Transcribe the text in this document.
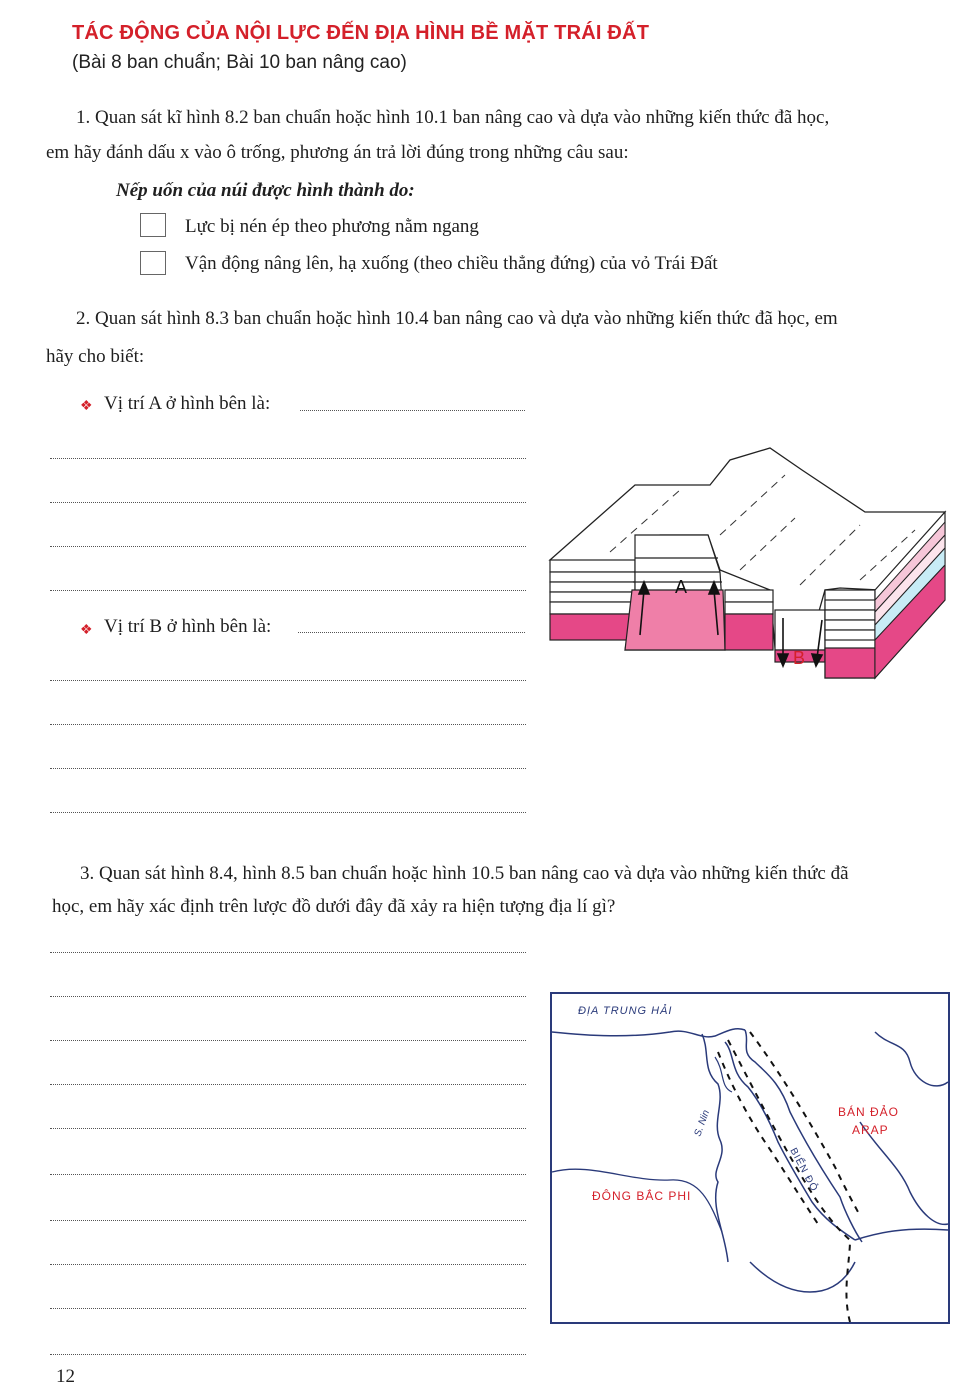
TÁC ĐỘNG CỦA NỘI LỰC ĐẾN ĐỊA HÌNH BỀ MẶT TRÁI ĐẤT
(Bài 8 ban chuẩn; Bài 10 ban nâng cao)
1. Quan sát kĩ hình 8.2 ban chuẩn hoặc hình 10.1 ban nâng cao và dựa vào những kiến thức đã học,
em hãy đánh dấu x vào ô trống, phương án trả lời đúng trong những câu sau:
Nếp uốn của núi được hình thành do:
Lực bị nén ép theo phương nằm ngang
Vận động nâng lên, hạ xuống (theo chiều thẳng đứng) của vỏ Trái Đất
2. Quan sát hình 8.3 ban chuẩn hoặc hình 10.4 ban nâng cao và dựa vào những kiến thức đã học, em
hãy cho biết:
❖ Vị trí A ở hình bên là:
❖ Vị trí B ở hình bên là:
A
B
3. Quan sát hình 8.4, hình 8.5 ban chuẩn hoặc hình 10.5 ban nâng cao và dựa vào những kiến thức đã
học, em hãy xác định trên lược đồ dưới đây đã xảy ra hiện tượng địa lí gì?
ĐỊA TRUNG HẢI
BÁN ĐẢO
ARAP
ĐÔNG BẮC PHI
S. Nin
BIỂN ĐỎ
12
